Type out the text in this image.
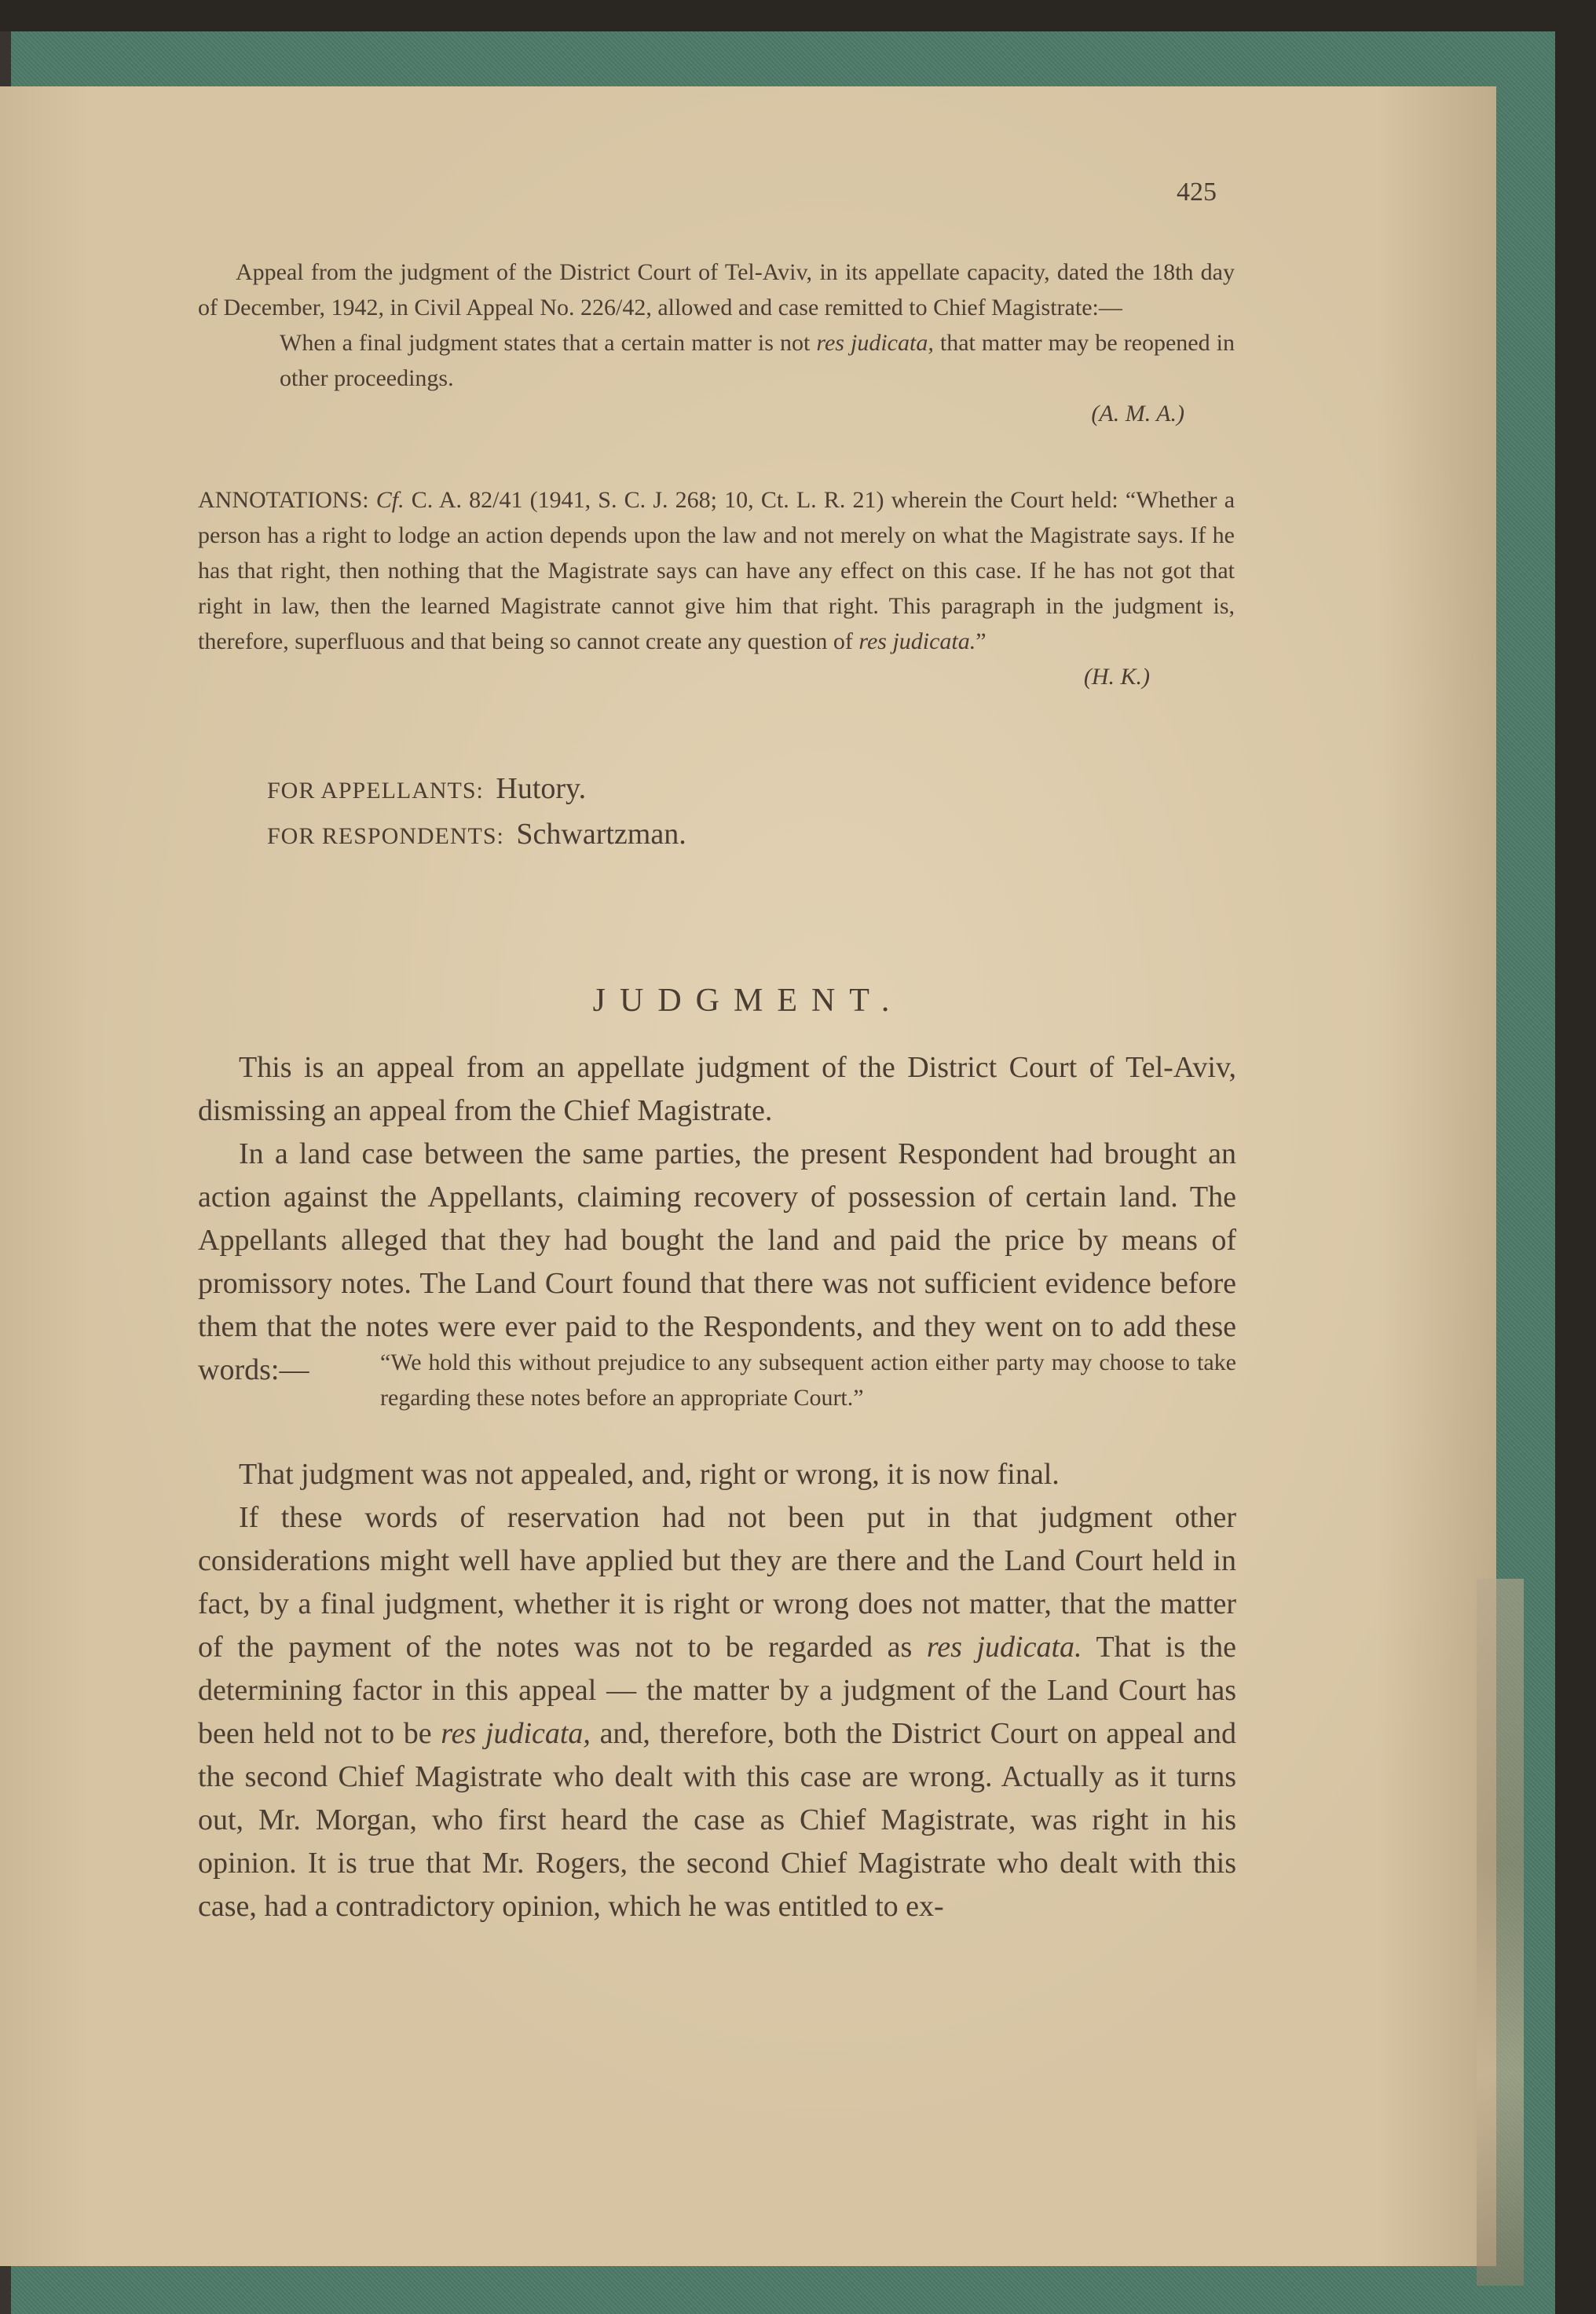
425

Appeal from the judgment of the District Court of Tel-Aviv, in its appellate capacity, dated the 18th day of December, 1942, in Civil Appeal No. 226/42, allowed and case remitted to Chief Magistrate:—

When a final judgment states that a certain matter is not res judicata, that matter may be reopened in other proceedings.

(A. M. A.)

ANNOTATIONS: Cf. C. A. 82/41 (1941, S. C. J. 268; 10, Ct. L. R. 21) wherein the Court held: “Whether a person has a right to lodge an action depends upon the law and not merely on what the Magistrate says. If he has that right, then nothing that the Magistrate says can have any effect on this case. If he has not got that right in law, then the learned Magistrate cannot give him that right. This paragraph in the judgment is, therefore, superfluous and that being so cannot create any question of res judicata.”

(H. K.)

FOR APPELLANTS: Hutory.
FOR RESPONDENTS: Schwartzman.
JUDGMENT.

This is an appeal from an appellate judgment of the District Court of Tel-Aviv, dismissing an appeal from the Chief Magistrate.

In a land case between the same parties, the present Respondent had brought an action against the Appellants, claiming recovery of possession of certain land. The Appellants alleged that they had bought the land and paid the price by means of promissory notes. The Land Court found that there was not sufficient evidence before them that the notes were ever paid to the Respondents, and they went on to add these words:—	“We hold this without prejudice to any subsequent action either party may choose to take regarding these notes before an appropriate Court.”

That judgment was not appealed, and, right or wrong, it is now final.

If these words of reservation had not been put in that judgment other considerations might well have applied but they are there and the Land Court held in fact, by a final judgment, whether it is right or wrong does not matter, that the matter of the payment of the notes was not to be regarded as res judicata. That is the determining factor in this appeal — the matter by a judgment of the Land Court has been held not to be res judicata, and, therefore, both the District Court on appeal and the second Chief Magistrate who dealt with this case are wrong. Actually as it turns out, Mr. Morgan, who first heard the case as Chief Magistrate, was right in his opinion. It is true that Mr. Rogers, the second Chief Magistrate who dealt with this case, had a contradictory opinion, which he was entitled to ex-
